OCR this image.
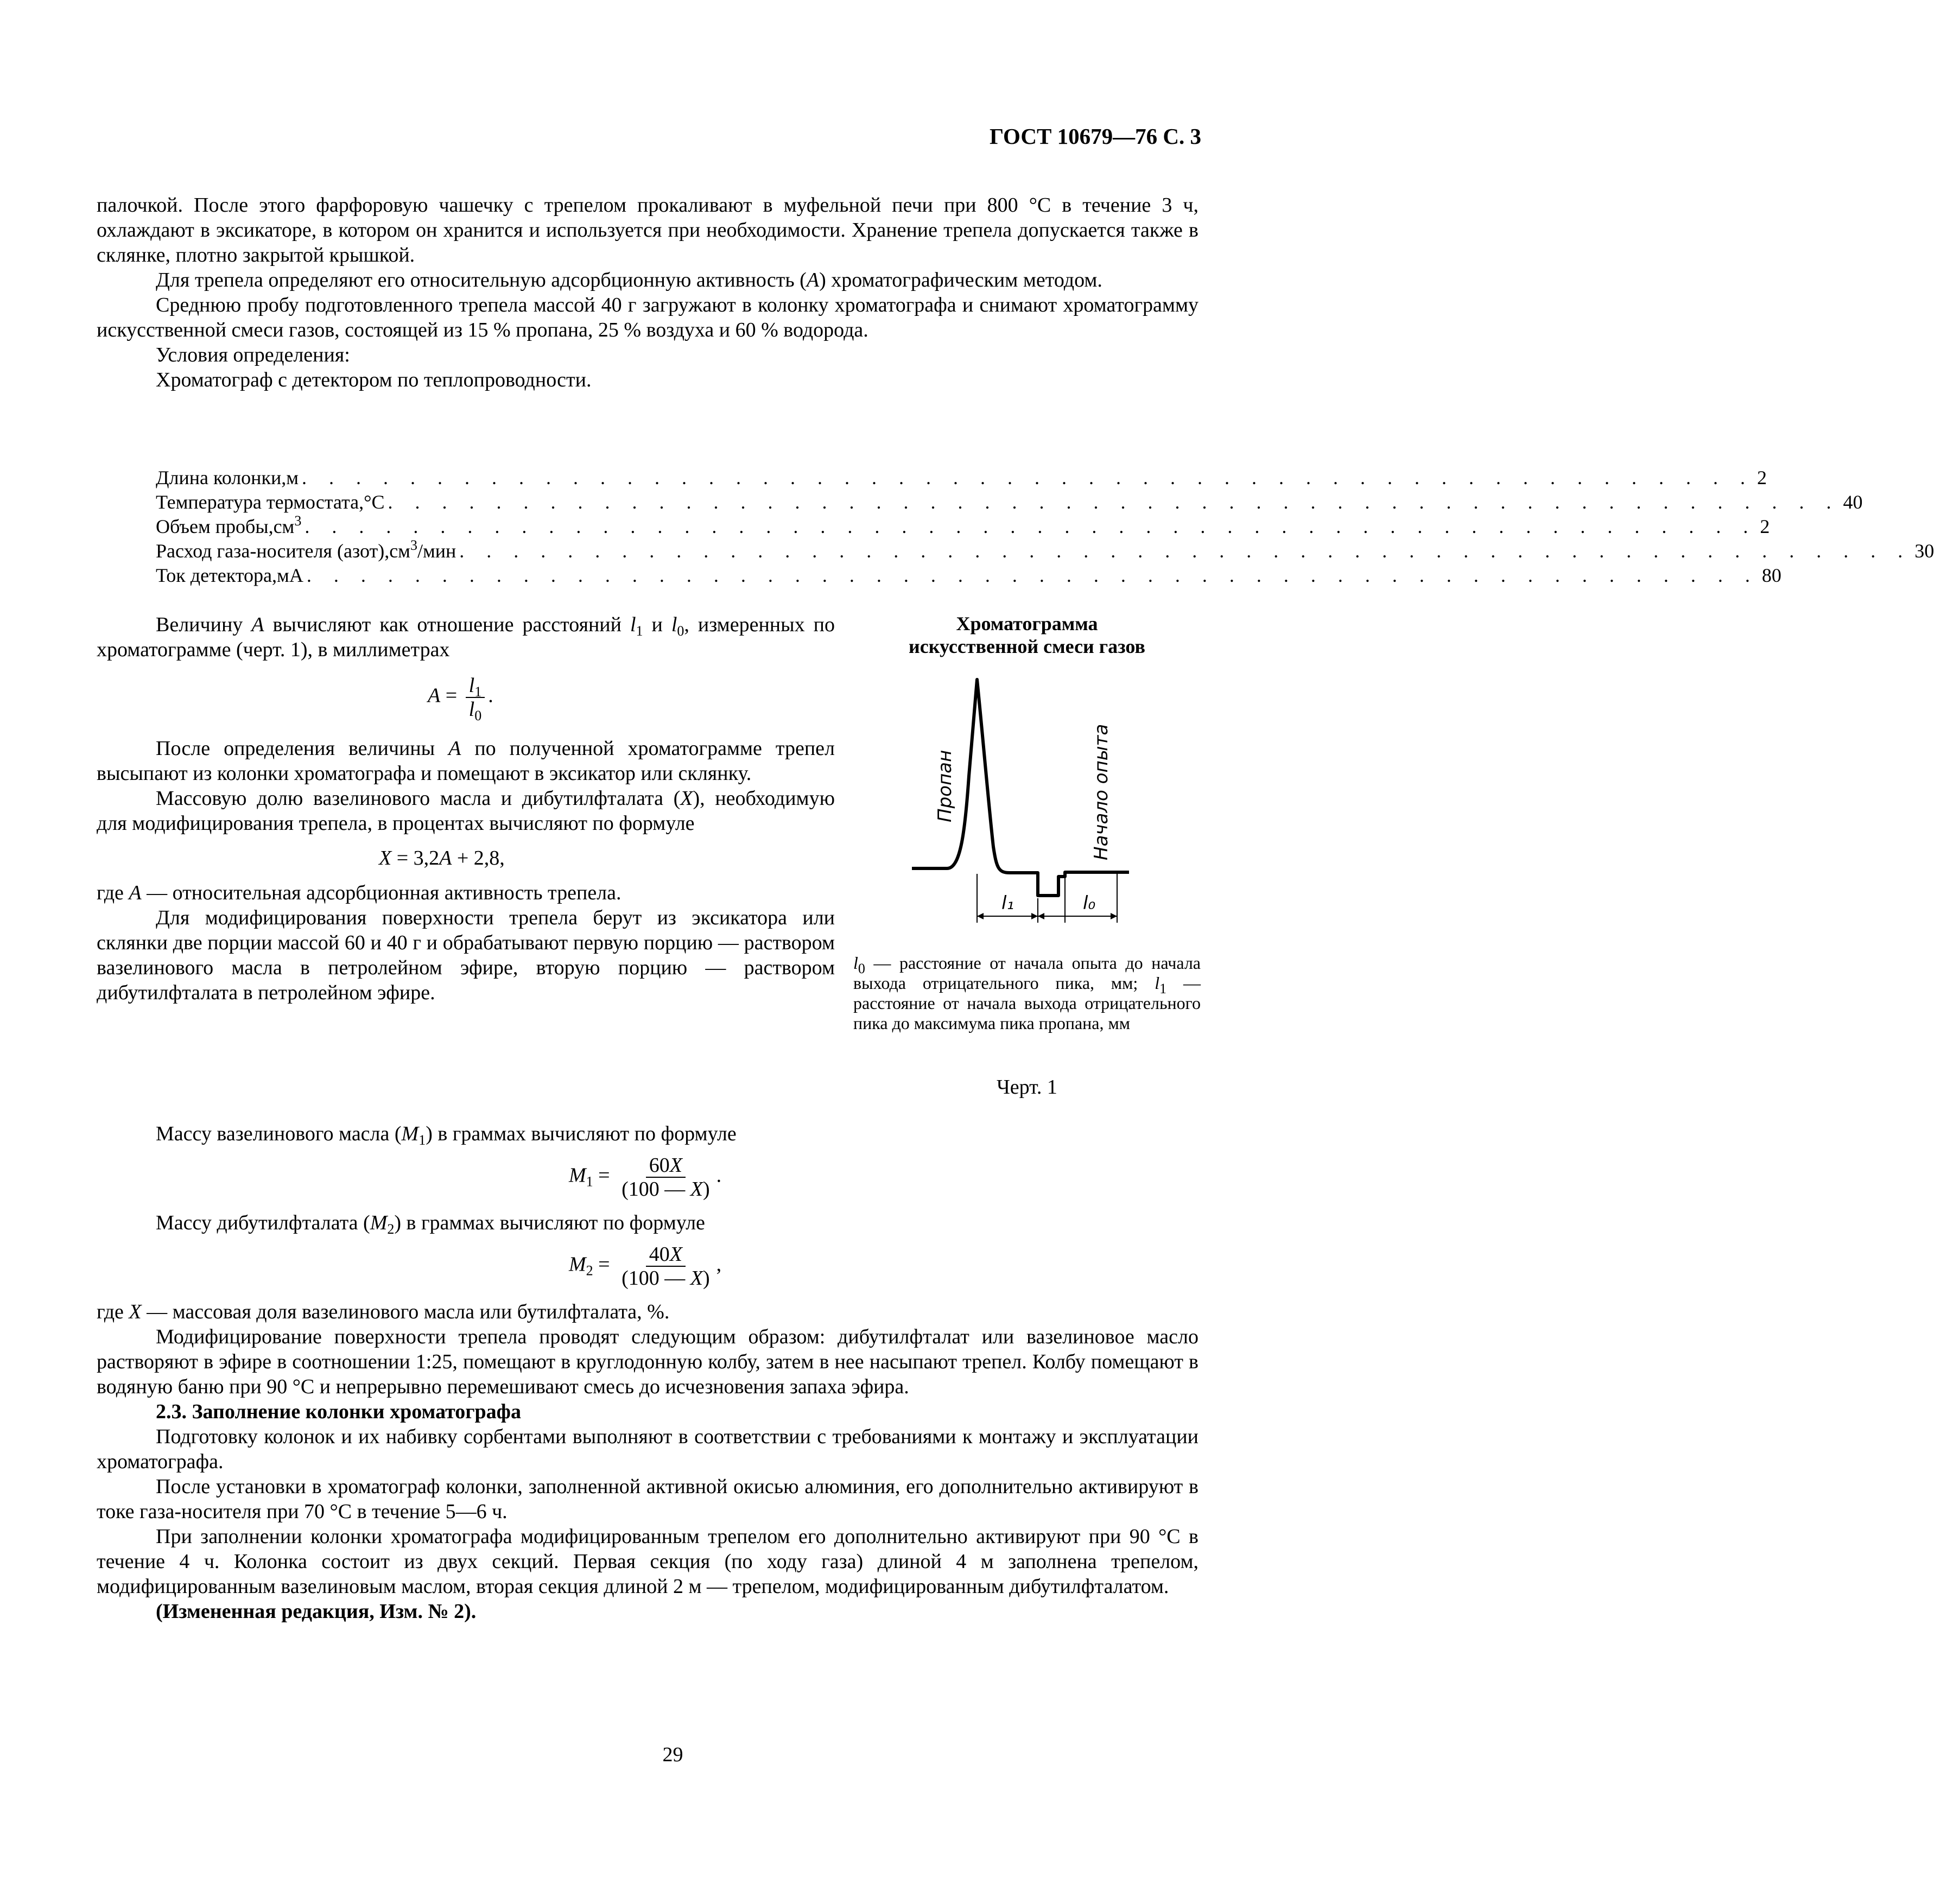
ГОСТ 10679—76 С. 3

палочкой. После этого фарфоровую чашечку с трепелом прокаливают в муфельной печи при 800 °C в течение 3 ч, охлаждают в эксикаторе, в котором он хранится и используется при необходимости. Хранение трепела допускается также в склянке, плотно закрытой крышкой.

Для трепела определяют его относительную адсорбционную активность (A) хроматографическим методом.

Среднюю пробу подготовленного трепела массой 40 г загружают в колонку хроматографа и снимают хроматограмму искусственной смеси газов, состоящей из 15 % пропана, 25 % воздуха и 60 % водорода.

Условия определения:

Хроматограф с детектором по теплопроводности.

Длина колонки,м . . . . . . . . . . . . . . . . . . . . . . . . . . . . . . . . . . . . . . . . . . . . . . . . . . . . . . 2
Температура термостата,°C . . . . . . . . . . . . . . . . . . . . . . . . . . . . . . . . . . . . . . . . . . . . . . . . . . . . . . 40
Объем $пробы,см^3$ . . . . . . . . . . . . . . . . . . . . . . . . . . . . . . . . . . . . . . . . . . . . . . . . . . . . . . 2
Расход газа-носителя $(азот),см^3$/мин . . . . . . . . . . . . . . . . . . . . . . . . . . . . . . . . . . . . . . . . . . . . . . . . . . . . . . 30
Ток детектора,мА . . . . . . . . . . . . . . . . . . . . . . . . . . . . . . . . . . . . . . . . . . . . . . . . . . . . . . 80

Величину A вычисляют как отношение расстояний $l_1$ и $l_0$, измеренных по хроматограмме (черт. 1), в миллиметрах

$A = \frac{l_1}{l_0}$ .

После определения величины A по полученной хроматограмме трепел высыпают из колонки хроматографа и помещают в эксикатор или склянку.

Массовую долю вазелинового масла и дибутилфталата (X), необходимую для модифицирования трепела, в процентах вычисляют по формуле

X = 3,2A + 2,8,

где A — относительная адсорбционная активность трепела.

Для модифицирования поверхности трепела берут из эксикатора или склянки две порции массой 60 и 40 г и обрабатывают первую порцию — раствором вазелинового масла в петролейном эфире, вторую порцию — раствором дибутилфталата в петролейном эфире.

Массу вазелинового масла $(M_1)$ в граммах вычисляют по формуле

$M_1 = \frac{60X}{(100 — X)}$ .

Массу дибутилфталата $(M_2)$ в граммах вычисляют по формуле

$M_2 = \frac{40X}{(100 — X)}$ ,

где X — массовая доля вазелинового масла или бутилфталата, %.

Модифицирование поверхности трепела проводят следующим образом: дибутилфталат или вазелиновое масло растворяют в эфире в соотношении 1:25, помещают в круглодонную колбу, затем в нее насыпают трепел. Колбу помещают в водяную баню при 90 °C и непрерывно перемешивают смесь до исчезновения запаха эфира.

2.3. Заполнение колонки хроматографа

Подготовку колонок и их набивку сорбентами выполняют в соответствии с требованиями к монтажу и эксплуатации хроматографа.

После установки в хроматограф колонки, заполненной активной окисью алюминия, его дополнительно активируют в токе газа-носителя при 70 °C в течение 5—6 ч.

При заполнении колонки хроматографа модифицированным трепелом его дополнительно активируют при 90 °C в течение 4 ч. Колонка состоит из двух секций. Первая секция (по ходу газа) длиной 4 м заполнена трепелом, модифицированным вазелиновым маслом, вторая секция длиной 2 м — трепелом, модифицированным дибутилфталатом.

(Измененная редакция, Изм. № 2).

Хроматограмма
искусственной смеси газов
l₁	l₀
Пропан	Начало опыта
$l_0$ — расстояние от начала опыта до начала выхода отрицательного пика, мм; $l_1$ — расстояние от начала выхода отрицательного пика до максимума пика пропана, мм
Черт. 1
29
